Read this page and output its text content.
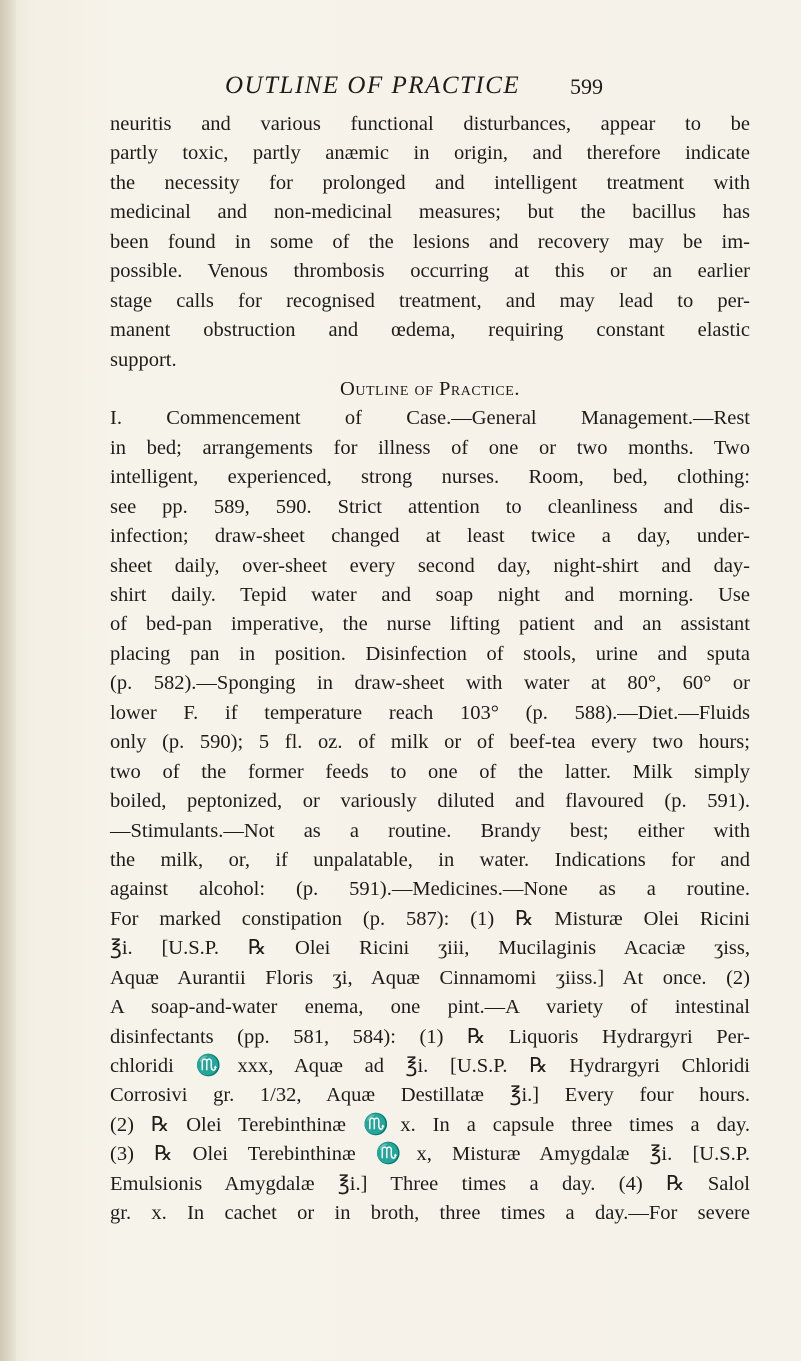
OUTLINE OF PRACTICE 599
neuritis and various functional disturbances, appear to be
partly toxic, partly anæmic in origin, and therefore indicate
the necessity for prolonged and intelligent treatment with
medicinal and non-medicinal measures; but the bacillus has
been found in some of the lesions and recovery may be im-
possible. Venous thrombosis occurring at this or an earlier
stage calls for recognised treatment, and may lead to per-
manent obstruction and œdema, requiring constant elastic
support.
Outline of Practice.
I. Commencement of Case.—General Management.—Rest
in bed; arrangements for illness of one or two months. Two
intelligent, experienced, strong nurses. Room, bed, clothing:
see pp. 589, 590. Strict attention to cleanliness and dis-
infection; draw-sheet changed at least twice a day, under-
sheet daily, over-sheet every second day, night-shirt and day-
shirt daily. Tepid water and soap night and morning. Use
of bed-pan imperative, the nurse lifting patient and an assistant
placing pan in position. Disinfection of stools, urine and sputa
(p. 582).—Sponging in draw-sheet with water at 80°, 60° or
lower F. if temperature reach 103° (p. 588).—Diet.—Fluids
only (p. 590); 5 fl. oz. of milk or of beef-tea every two hours;
two of the former feeds to one of the latter. Milk simply
boiled, peptonized, or variously diluted and flavoured (p. 591).
—Stimulants.—Not as a routine. Brandy best; either with
the milk, or, if unpalatable, in water. Indications for and
against alcohol: (p. 591).—Medicines.—None as a routine.
For marked constipation (p. 587): (1) ℞ Misturæ Olei Ricini
℥i. [U.S.P. ℞ Olei Ricini ʒiii, Mucilaginis Acaciæ ʒiss,
Aquæ Aurantii Floris ʒi, Aquæ Cinnamomi ʒiiss.] At once. (2)
A soap-and-water enema, one pint.—A variety of intestinal
disinfectants (pp. 581, 584): (1) ℞ Liquoris Hydrargyri Per-
chloridi ♏xxx, Aquæ ad ℥i. [U.S.P. ℞ Hydrargyri Chloridi
Corrosivi gr. 1/32, Aquæ Destillatæ ℥i.] Every four hours.
(2) ℞ Olei Terebinthinæ ♏x. In a capsule three times a day.
(3) ℞ Olei Terebinthinæ ♏x, Misturæ Amygdalæ ℥i. [U.S.P.
Emulsionis Amygdalæ ℥i.] Three times a day. (4) ℞ Salol
gr. x. In cachet or in broth, three times a day.—For severe
